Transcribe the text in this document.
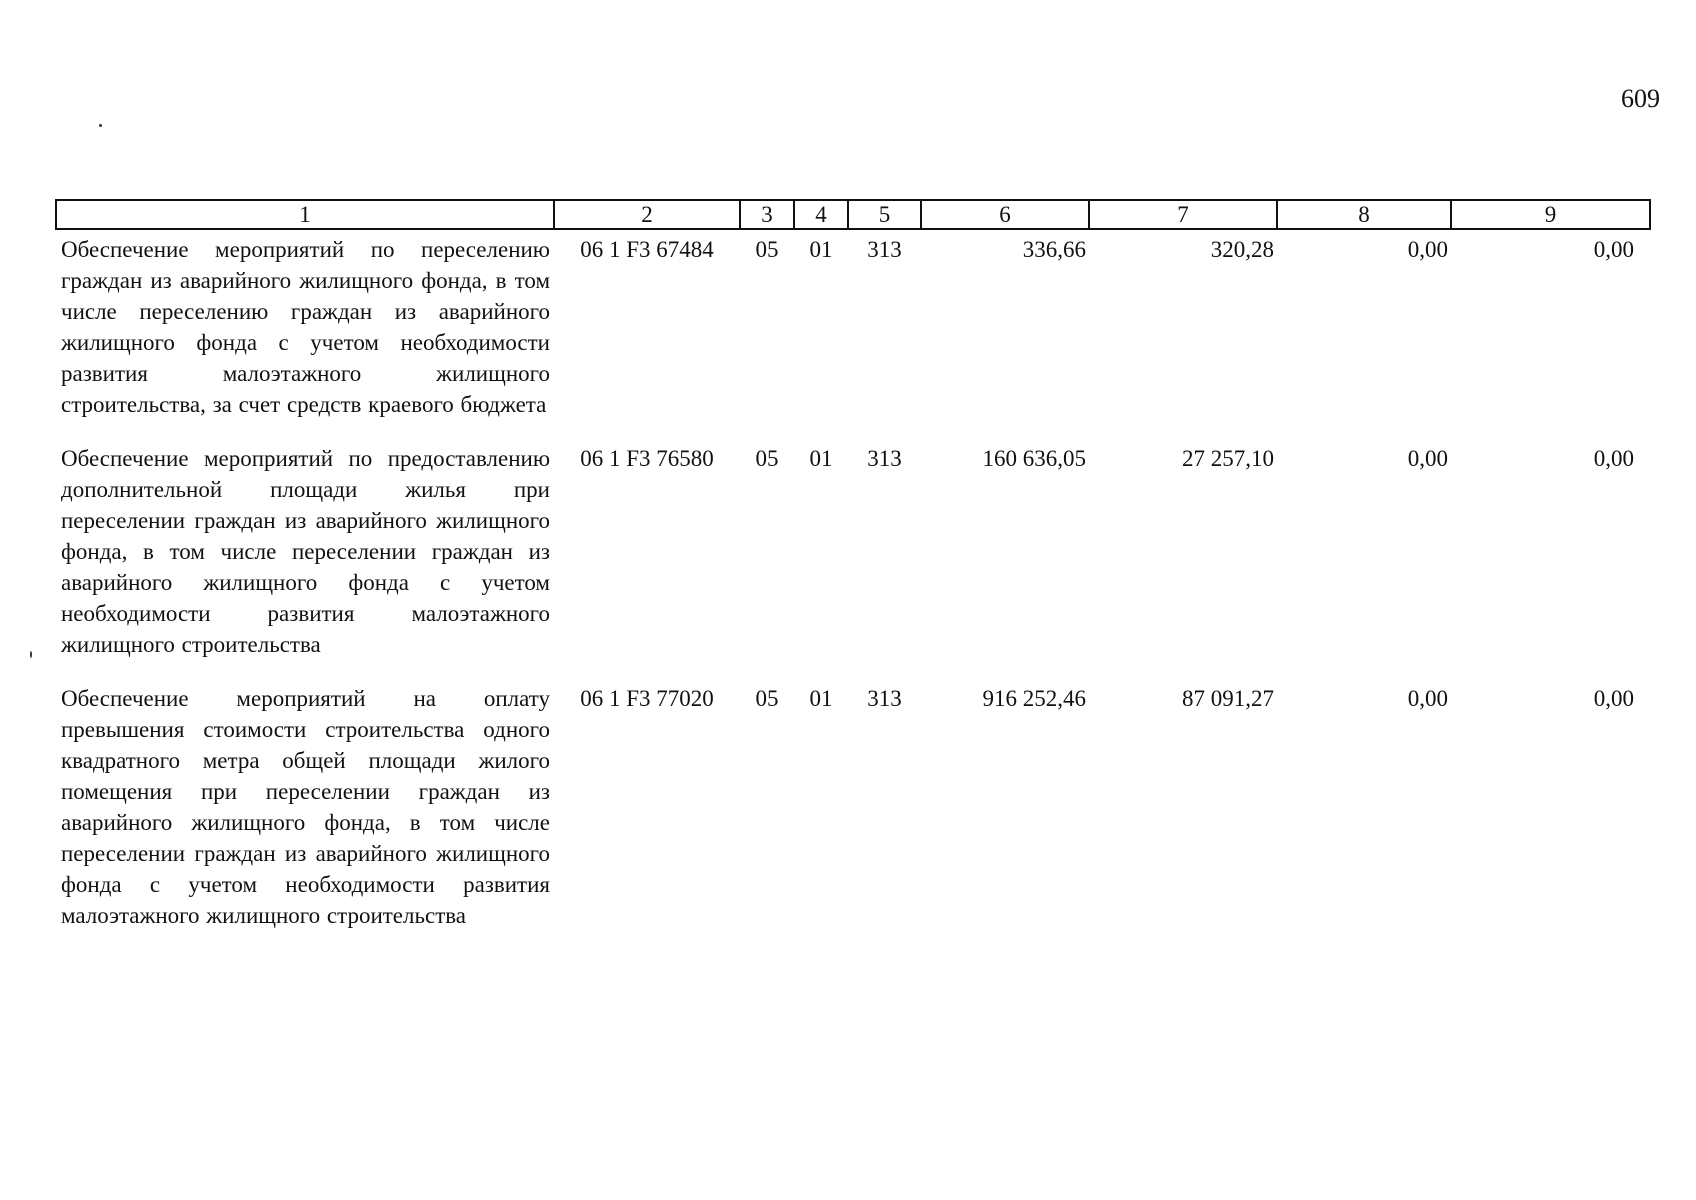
609
1	2	3	4	5	6	7	8	9
Обеспечение мероприятий по переселению граждан из аварийного жилищного фонда, в том числе переселению граждан из аварийного жилищного фонда с учетом необходимости развития малоэтажного жилищного строительства, за счет средств краевого бюджета	06 1 F3 67484	05	01	313	336,66	320,28	0,00	0,00

Обеспечение мероприятий по предоставлению дополнительной площади жилья при переселении граждан из аварийного жилищного фонда, в том числе переселении граждан из аварийного жилищного фонда с учетом необходимости развития малоэтажного жилищного строительства	06 1 F3 76580	05	01	313	160 636,05	27 257,10	0,00	0,00

Обеспечение мероприятий на оплату превышения стоимости строительства одного квадратного метра общей площади жилого помещения при переселении граждан из аварийного жилищного фонда, в том числе переселении граждан из аварийного жилищного фонда с учетом необходимости развития малоэтажного жилищного строительства	06 1 F3 77020	05	01	313	916 252,46	87 091,27	0,00	0,00
